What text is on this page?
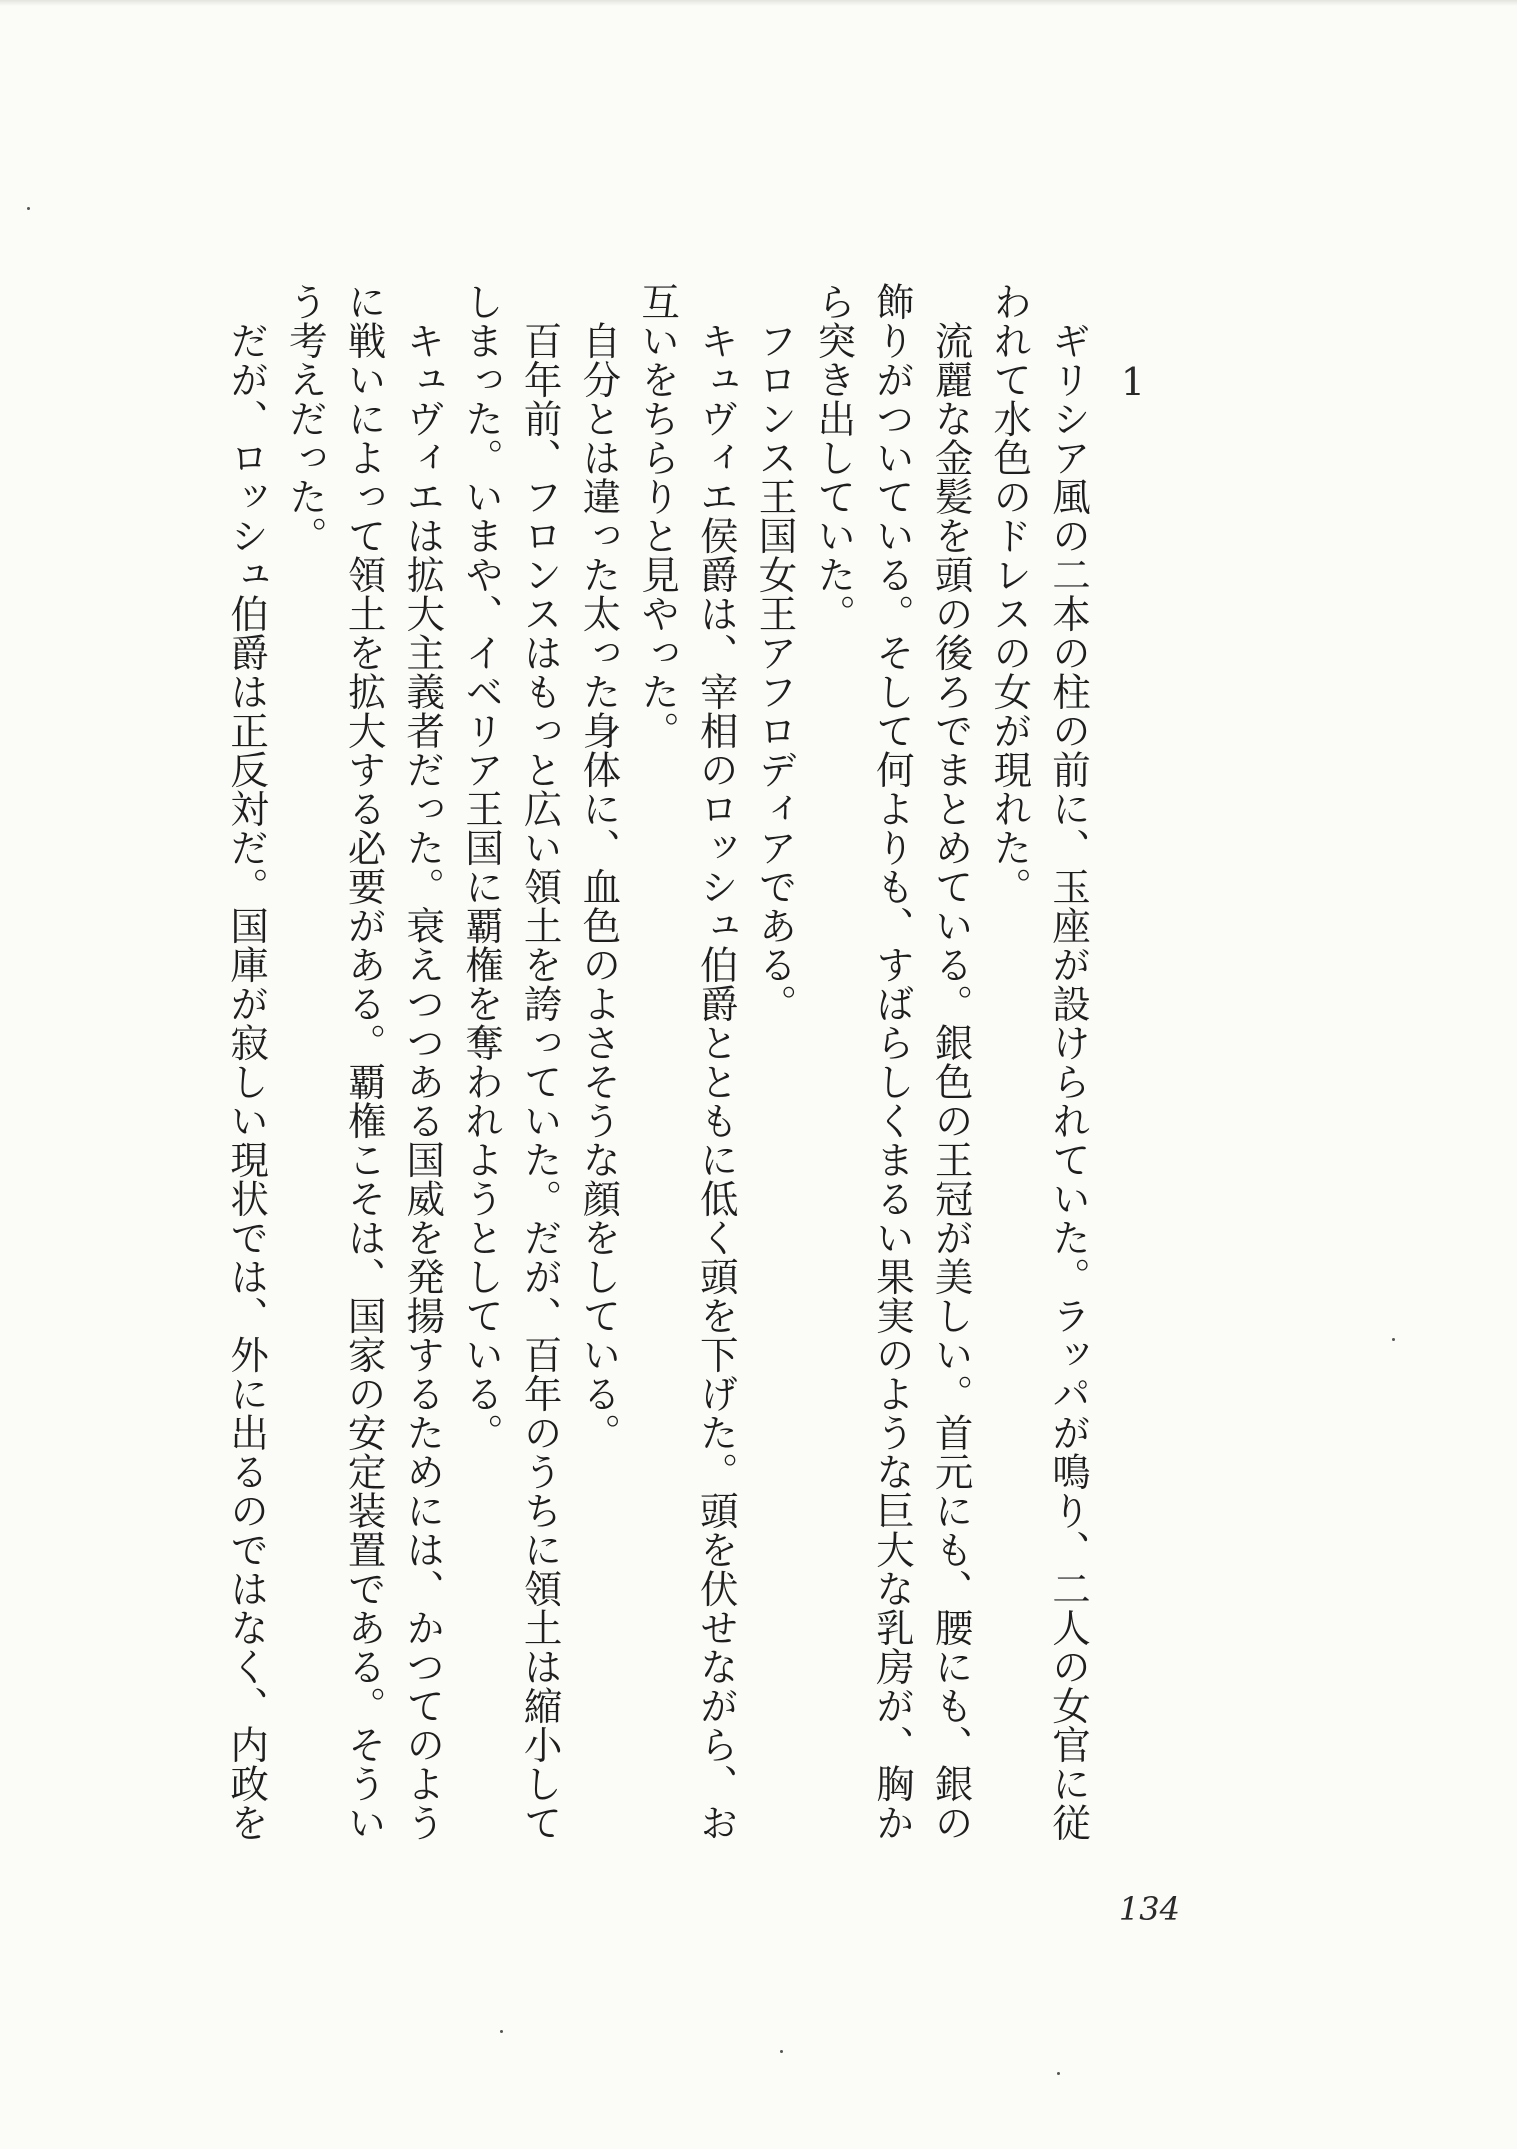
1

ギリシア風の二本の柱の前に、玉座が設けられていた。ラッパが鳴り、二人の女官に従われて水色のドレスの女が現れた。

流麗な金髪を頭の後ろでまとめている。銀色の王冠が美しい。首元にも、腰にも、銀の飾りがついている。そして何よりも、すばらしくまるい果実のような巨大な乳房が、胸から突き出していた。

フロンス王国女王アフロディアである。

キュヴィエ侯爵は、宰相のロッシュ伯爵とともに低く頭を下げた。頭を伏せながら、お互いをちらりと見やった。

自分とは違った太った身体に、血色のよさそうな顔をしている。

百年前、フロンスはもっと広い領土を誇っていた。だが、百年のうちに領土は縮小してしまった。いまや、イベリア王国に覇権を奪われようとしている。

キュヴィエは拡大主義者だった。衰えつつある国威を発揚するためには、かつてのように戦いによって領土を拡大する必要がある。覇権こそは、国家の安定装置である。そういう考えだった。

だが、ロッシュ伯爵は正反対だ。国庫が寂しい現状では、外に出るのではなく、内政を

134
